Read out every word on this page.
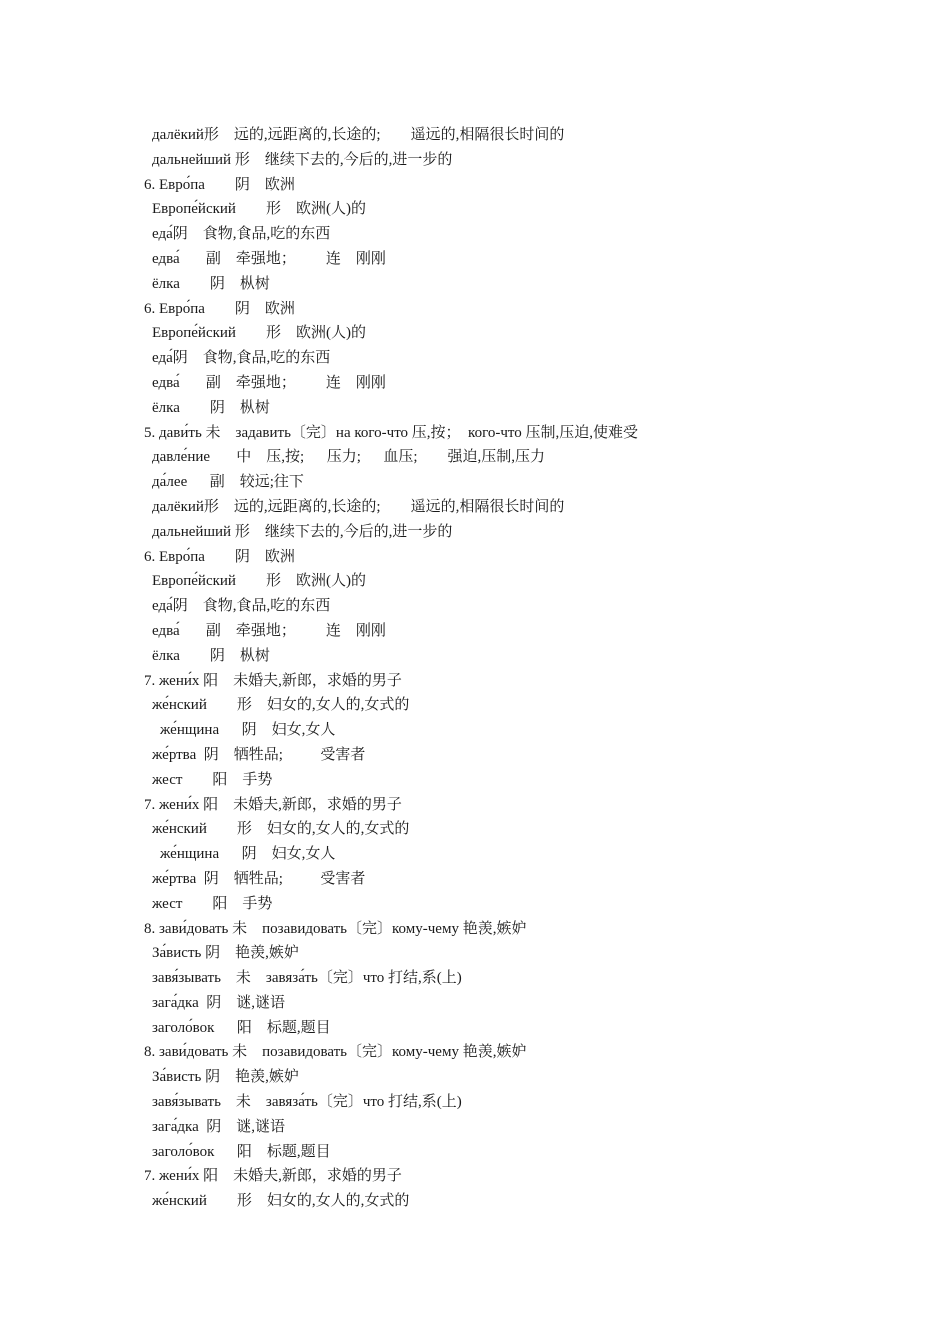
далёкий形    远的,远距离的,长途的;        遥远的,相隔很长时间的
дальнейший 形    继续下去的,今后的,进一步的
6. Евро́па        阴    欧洲
Европе́йский        形    欧洲(人)的
еда́阴    食物,食品,吃的东西
едва́       副    牵强地；        连    刚刚
ёлка        阴    枞树
6. Евро́па        阴    欧洲
Европе́йский        形    欧洲(人)的
еда́阴    食物,食品,吃的东西
едва́       副    牵强地；        连    刚刚
ёлка        阴    枞树
5. дави́ть 未    задавить〔完〕на кого-что 压,按；  кого-что 压制,压迫,使难受
давле́ние       中    压,按;      压力;      血压;        强迫,压制,压力
да́лее      副    较远;往下
далёкий形    远的,远距离的,长途的;        遥远的,相隔很长时间的
дальнейший 形    继续下去的,今后的,进一步的
6. Евро́па        阴    欧洲
Европе́йский        形    欧洲(人)的
еда́阴    食物,食品,吃的东西
едва́       副    牵强地；        连    刚刚
ёлка        阴    枞树
7. жени́х 阳    未婚夫,新郎，求婚的男子
же́нский        形    妇女的,女人的,女式的
же́нщина      阴    妇女,女人
же́ртва  阴    牺牲品;          受害者
жест        阳    手势
7. жени́х 阳    未婚夫,新郎，求婚的男子
же́нский        形    妇女的,女人的,女式的
же́нщина      阴    妇女,女人
же́ртва  阴    牺牲品;          受害者
жест        阳    手势
8. зави́довать 未    позавидовать〔完〕кому-чему 艳羡,嫉妒
За́висть 阴    艳羡,嫉妒
завя́зывать    未    завяза́ть〔完〕что 打结,系(上)
зага́дка  阴    谜,谜语
заголо́вок      阳    标题,题目
8. зави́довать 未    позавидовать〔完〕кому-чему 艳羡,嫉妒
За́висть 阴    艳羡,嫉妒
завя́зывать    未    завяза́ть〔完〕что 打结,系(上)
зага́дка  阴    谜,谜语
заголо́вок      阳    标题,题目
7. жени́х 阳    未婚夫,新郎，求婚的男子
же́нский        形    妇女的,女人的,女式的
